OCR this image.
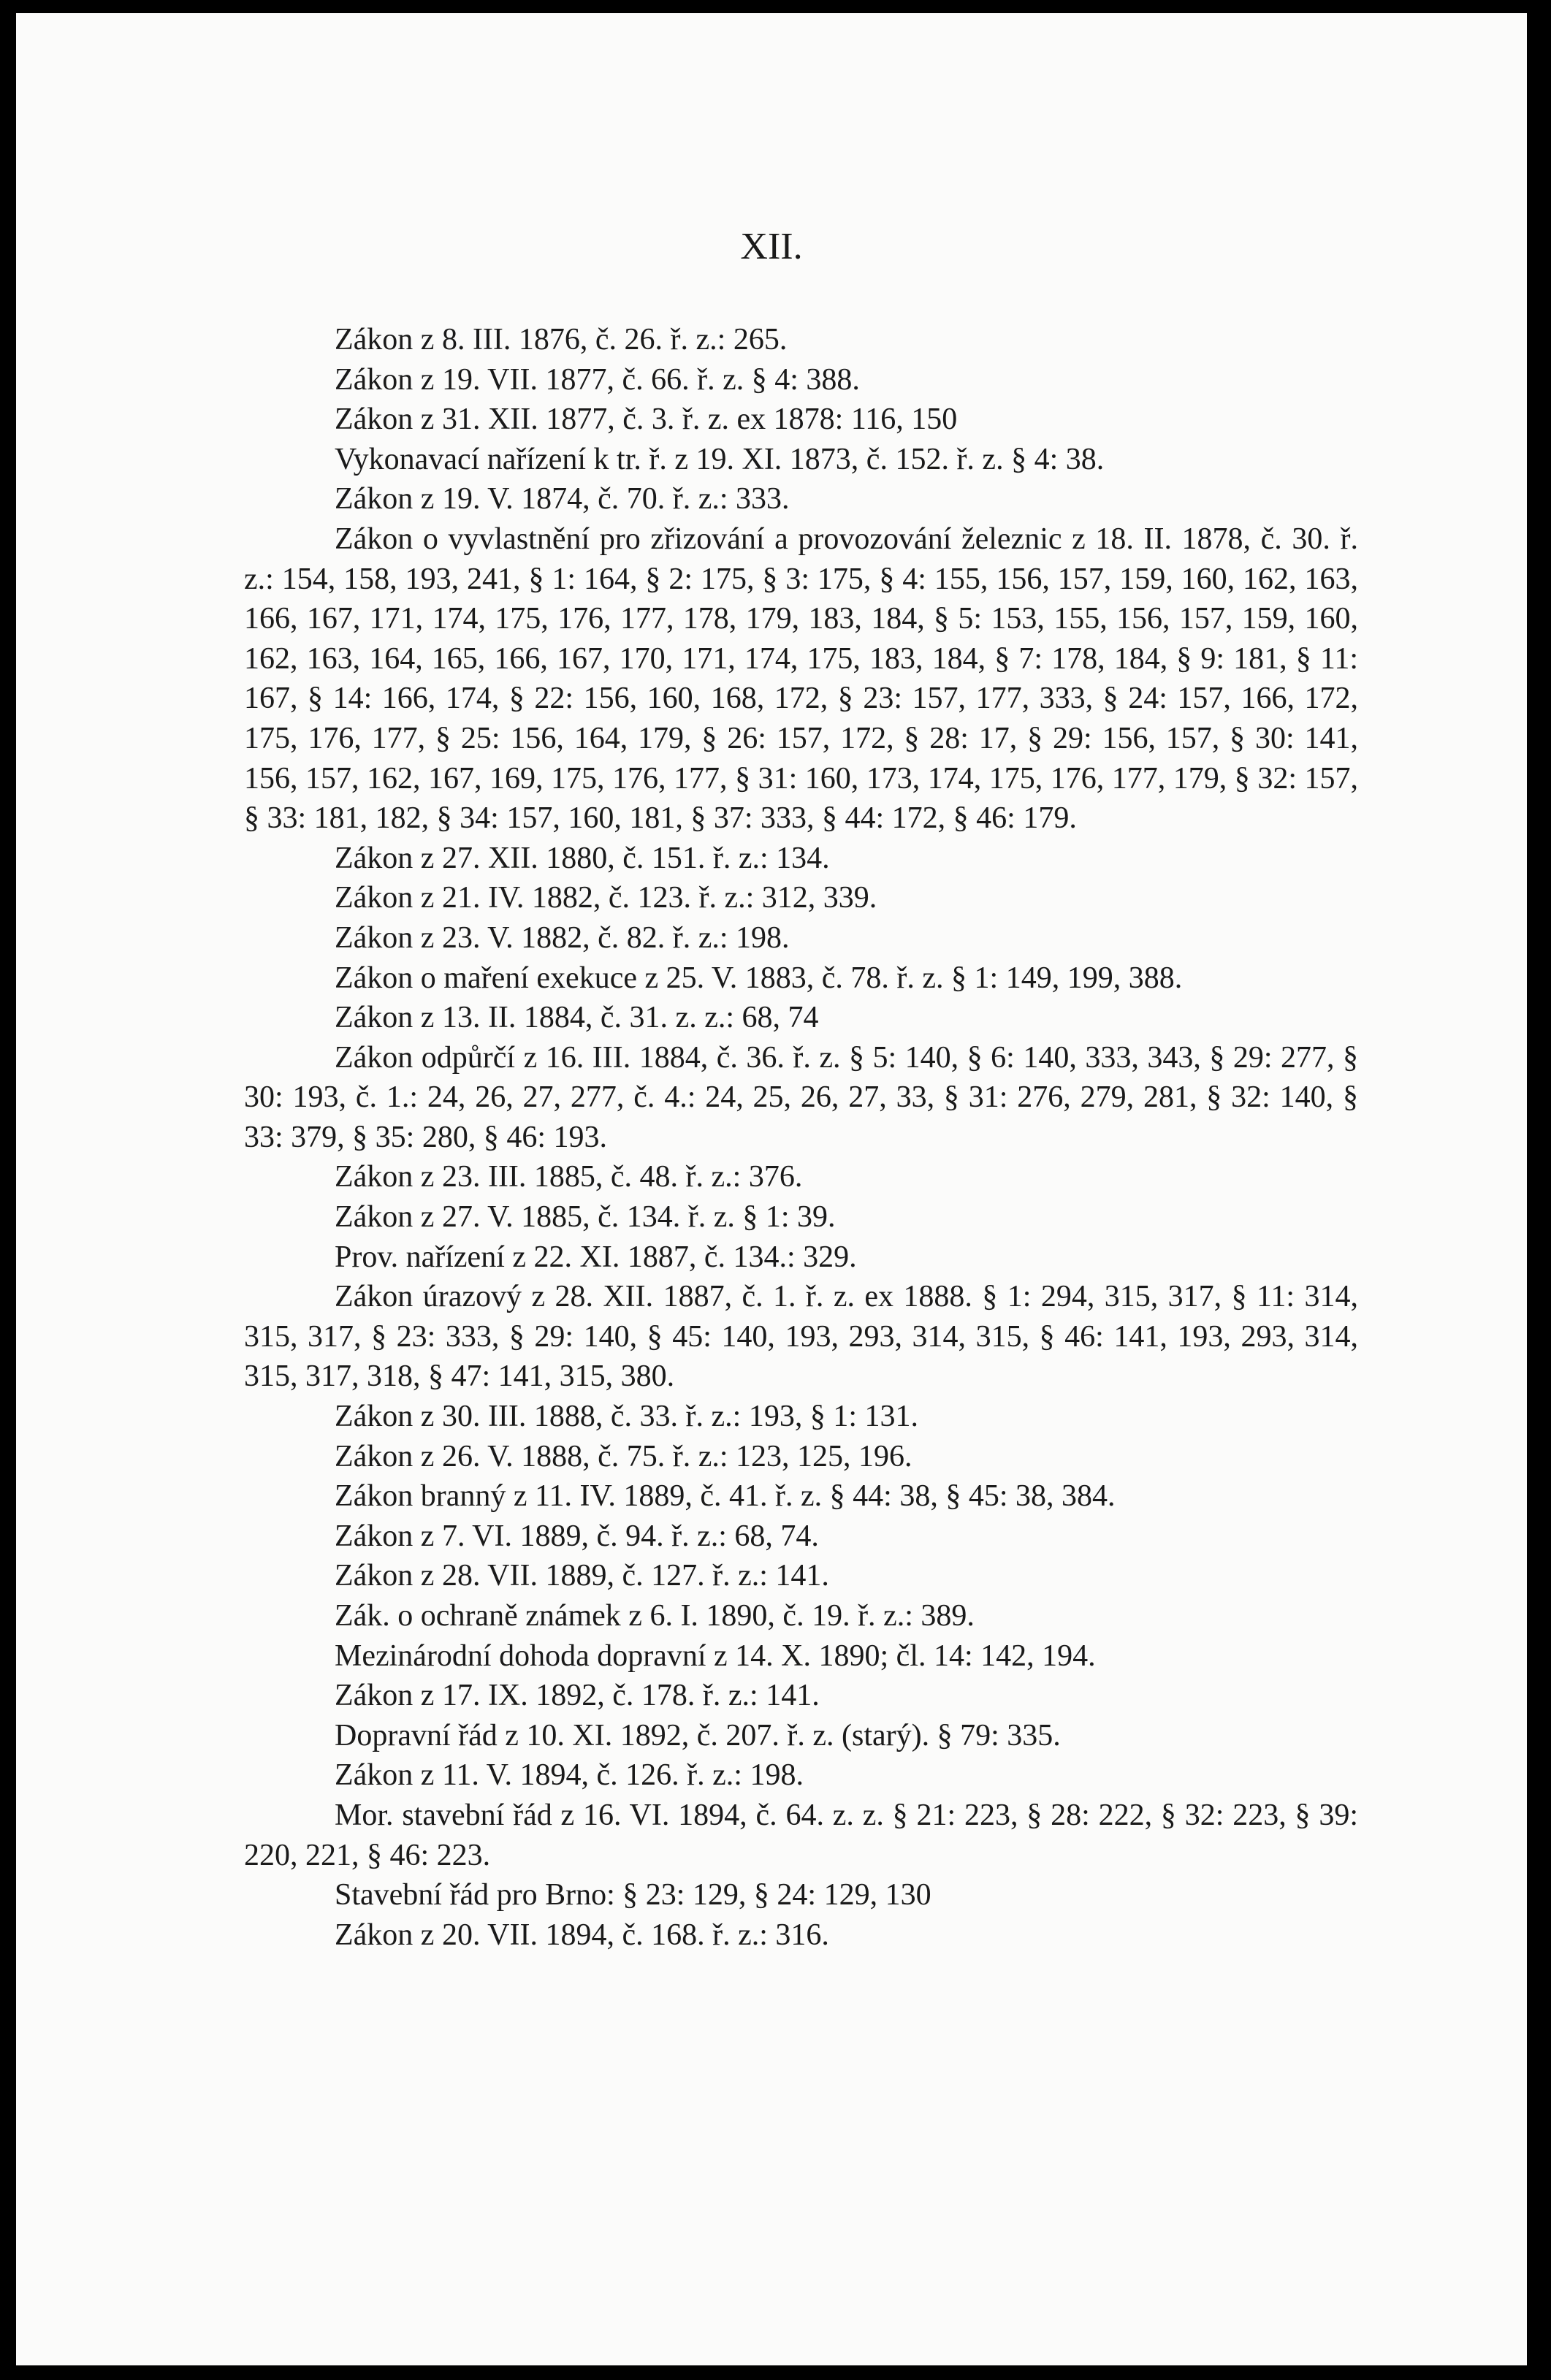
XII.

Zákon z 8. III. 1876, č. 26. ř. z.: 265.

Zákon z 19. VII. 1877, č. 66. ř. z. § 4: 388.

Zákon z 31. XII. 1877, č. 3. ř. z. ex 1878: 116, 150

Vykonavací nařízení k tr. ř. z 19. XI. 1873, č. 152. ř. z. § 4: 38.

Zákon z 19. V. 1874, č. 70. ř. z.: 333.

Zákon o vyvlastnění pro zřizování a provozování železnic z 18. II. 1878, č. 30. ř. z.: 154, 158, 193, 241, § 1: 164, § 2: 175, § 3: 175, § 4: 155, 156, 157, 159, 160, 162, 163, 166, 167, 171, 174, 175, 176, 177, 178, 179, 183, 184, § 5: 153, 155, 156, 157, 159, 160, 162, 163, 164, 165, 166, 167, 170, 171, 174, 175, 183, 184, § 7: 178, 184, § 9: 181, § 11: 167, § 14: 166, 174, § 22: 156, 160, 168, 172, § 23: 157, 177, 333, § 24: 157, 166, 172, 175, 176, 177, § 25: 156, 164, 179, § 26: 157, 172, § 28: 17, § 29: 156, 157, § 30: 141, 156, 157, 162, 167, 169, 175, 176, 177, § 31: 160, 173, 174, 175, 176, 177, 179, § 32: 157, § 33: 181, 182, § 34: 157, 160, 181, § 37: 333, § 44: 172, § 46: 179.

Zákon z 27. XII. 1880, č. 151. ř. z.: 134.

Zákon z 21. IV. 1882, č. 123. ř. z.: 312, 339.

Zákon z 23. V. 1882, č. 82. ř. z.: 198.

Zákon o maření exekuce z 25. V. 1883, č. 78. ř. z. § 1: 149, 199, 388.

Zákon z 13. II. 1884, č. 31. z. z.: 68, 74

Zákon odpůrčí z 16. III. 1884, č. 36. ř. z. § 5: 140, § 6: 140, 333, 343, § 29: 277, § 30: 193, č. 1.: 24, 26, 27, 277, č. 4.: 24, 25, 26, 27, 33, § 31: 276, 279, 281, § 32: 140, § 33: 379, § 35: 280, § 46: 193.

Zákon z 23. III. 1885, č. 48. ř. z.: 376.

Zákon z 27. V. 1885, č. 134. ř. z. § 1: 39.

Prov. nařízení z 22. XI. 1887, č. 134.: 329.

Zákon úrazový z 28. XII. 1887, č. 1. ř. z. ex 1888. § 1: 294, 315, 317, § 11: 314, 315, 317, § 23: 333, § 29: 140, § 45: 140, 193, 293, 314, 315, § 46: 141, 193, 293, 314, 315, 317, 318, § 47: 141, 315, 380.

Zákon z 30. III. 1888, č. 33. ř. z.: 193, § 1: 131.

Zákon z 26. V. 1888, č. 75. ř. z.: 123, 125, 196.

Zákon branný z 11. IV. 1889, č. 41. ř. z. § 44: 38, § 45: 38, 384.

Zákon z 7. VI. 1889, č. 94. ř. z.: 68, 74.

Zákon z 28. VII. 1889, č. 127. ř. z.: 141.

Zák. o ochraně známek z 6. I. 1890, č. 19. ř. z.: 389.

Mezinárodní dohoda dopravní z 14. X. 1890; čl. 14: 142, 194.

Zákon z 17. IX. 1892, č. 178. ř. z.: 141.

Dopravní řád z 10. XI. 1892, č. 207. ř. z. (starý). § 79: 335.

Zákon z 11. V. 1894, č. 126. ř. z.: 198.

Mor. stavební řád z 16. VI. 1894, č. 64. z. z. § 21: 223, § 28: 222, § 32: 223, § 39: 220, 221, § 46: 223.

Stavební řád pro Brno: § 23: 129, § 24: 129, 130

Zákon z 20. VII. 1894, č. 168. ř. z.: 316.
